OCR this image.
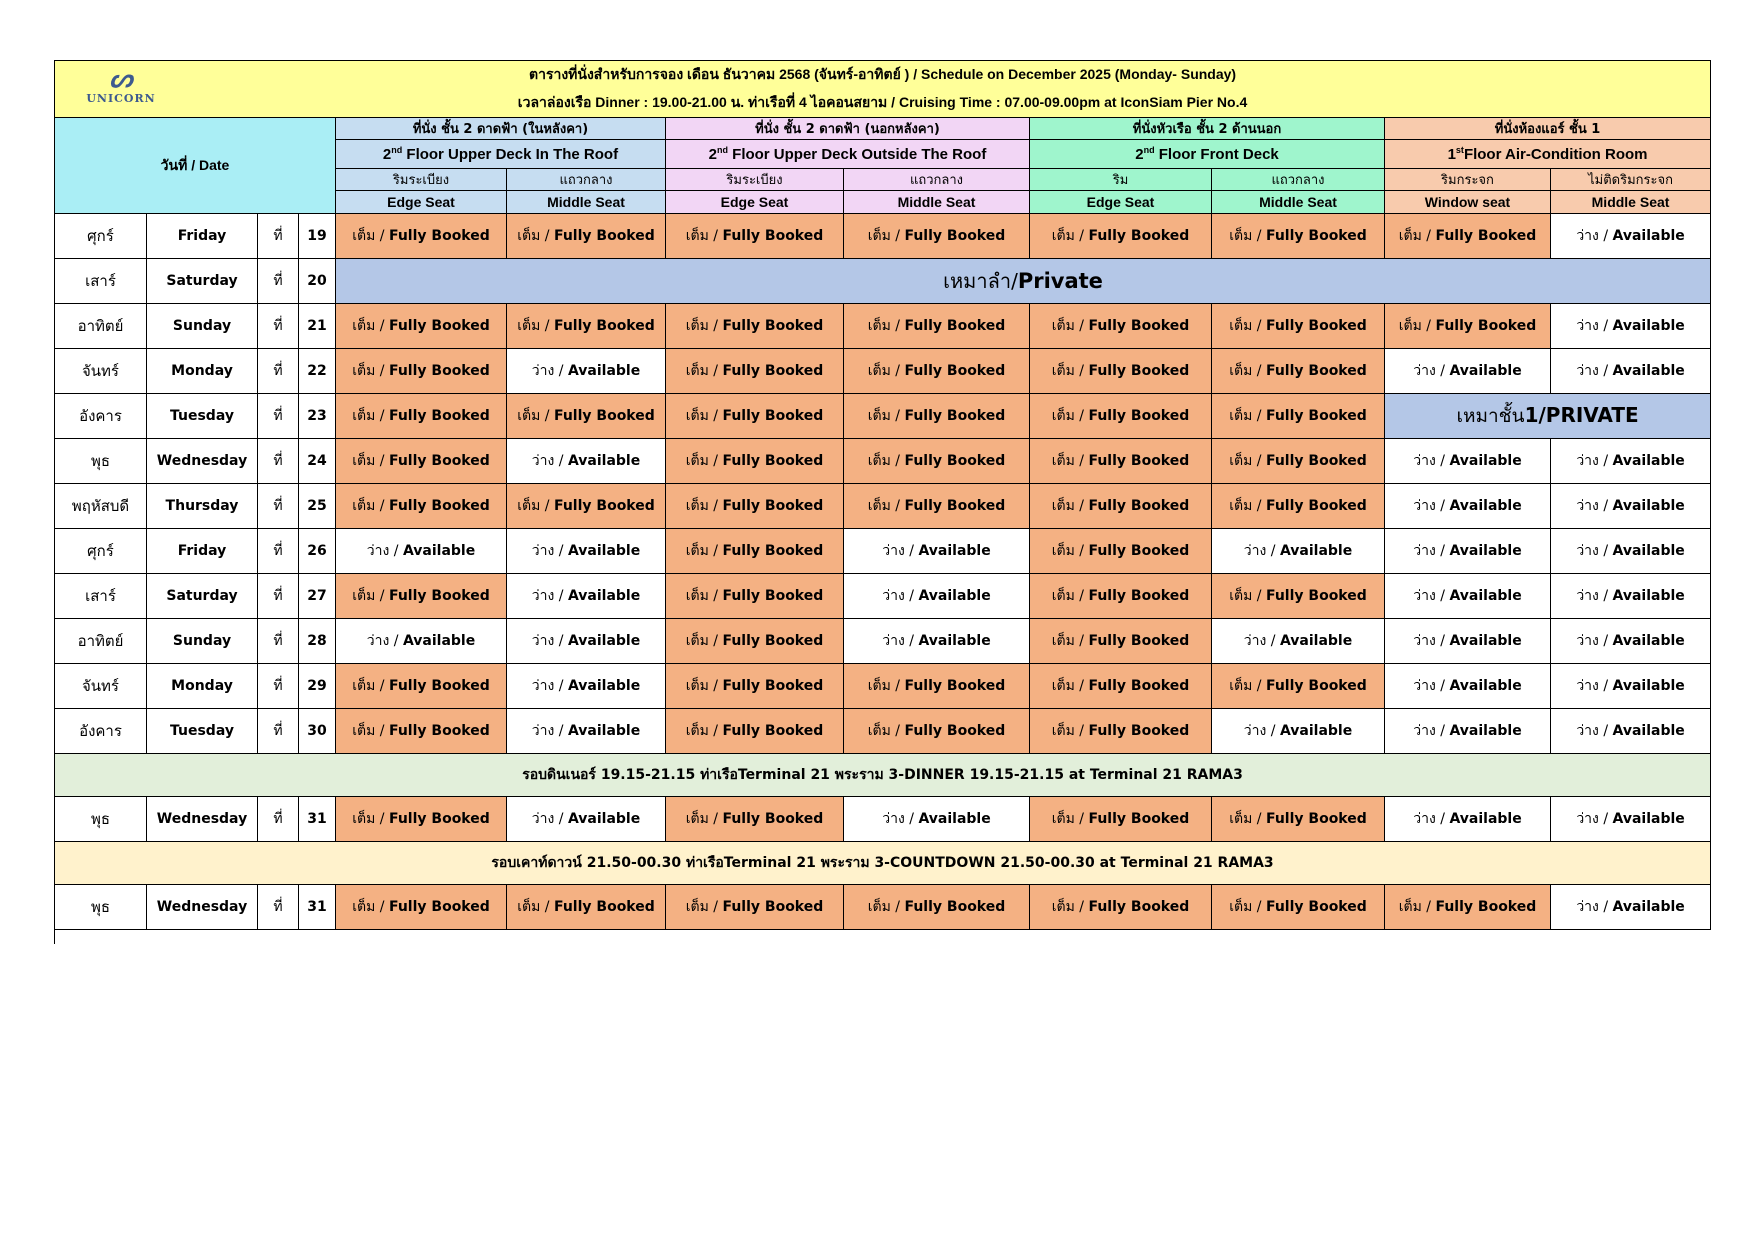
ตารางที่นั่งสำหรับการจอง เดือน ธันวาคม 2568 (จันทร์-อาทิตย์ ) / Schedule on December 2025 (Monday- Sunday)											

ᔕ
UNICORN เวลาล่องเรือ Dinner : 19.00-21.00 น. ท่าเรือที่ 4 ไอคอนสยาม / Cruising Time : 07.00-09.00pm at IconSiam Pier No.4											
วันที่ / Date				ที่นั่ง ชั้น 2 ดาดฟ้า (ในหลังคา)		ที่นั่ง ชั้น 2 ดาดฟ้า (นอกหลังคา)		ที่นั่งหัวเรือ ชั้น 2 ด้านนอก		ที่นั่งห้องแอร์ ชั้น 1	
				2nd Floor Upper Deck In The Roof		2nd Floor Upper Deck Outside The Roof		2nd Floor Front Deck		1stFloor Air-Condition Room	
				ริมระเบียง	แถวกลาง	ริมระเบียง	แถวกลาง	ริม	แถวกลาง	ริมกระจก	ไม่ติดริมกระจก
				Edge Seat	Middle Seat	Edge Seat	Middle Seat	Edge Seat	Middle Seat	Window seat	Middle Seat
ศุกร์	Friday	ที่	19	เต็ม / Fully Booked	เต็ม / Fully Booked	เต็ม / Fully Booked	เต็ม / Fully Booked	เต็ม / Fully Booked	เต็ม / Fully Booked	เต็ม / Fully Booked	ว่าง / Available
เสาร์	Saturday	ที่	20	เหมาลำ/Private							
อาทิตย์	Sunday	ที่	21	เต็ม / Fully Booked	เต็ม / Fully Booked	เต็ม / Fully Booked	เต็ม / Fully Booked	เต็ม / Fully Booked	เต็ม / Fully Booked	เต็ม / Fully Booked	ว่าง / Available
จันทร์	Monday	ที่	22	เต็ม / Fully Booked	ว่าง / Available	เต็ม / Fully Booked	เต็ม / Fully Booked	เต็ม / Fully Booked	เต็ม / Fully Booked	ว่าง / Available	ว่าง / Available
อังคาร	Tuesday	ที่	23	เต็ม / Fully Booked	เต็ม / Fully Booked	เต็ม / Fully Booked	เต็ม / Fully Booked	เต็ม / Fully Booked	เต็ม / Fully Booked	เหมาชั้น1/PRIVATE	
พุธ	Wednesday	ที่	24	เต็ม / Fully Booked	ว่าง / Available	เต็ม / Fully Booked	เต็ม / Fully Booked	เต็ม / Fully Booked	เต็ม / Fully Booked	ว่าง / Available	ว่าง / Available
พฤหัสบดี	Thursday	ที่	25	เต็ม / Fully Booked	เต็ม / Fully Booked	เต็ม / Fully Booked	เต็ม / Fully Booked	เต็ม / Fully Booked	เต็ม / Fully Booked	ว่าง / Available	ว่าง / Available
ศุกร์	Friday	ที่	26	ว่าง / Available	ว่าง / Available	เต็ม / Fully Booked	ว่าง / Available	เต็ม / Fully Booked	ว่าง / Available	ว่าง / Available	ว่าง / Available
เสาร์	Saturday	ที่	27	เต็ม / Fully Booked	ว่าง / Available	เต็ม / Fully Booked	ว่าง / Available	เต็ม / Fully Booked	เต็ม / Fully Booked	ว่าง / Available	ว่าง / Available
อาทิตย์	Sunday	ที่	28	ว่าง / Available	ว่าง / Available	เต็ม / Fully Booked	ว่าง / Available	เต็ม / Fully Booked	ว่าง / Available	ว่าง / Available	ว่าง / Available
จันทร์	Monday	ที่	29	เต็ม / Fully Booked	ว่าง / Available	เต็ม / Fully Booked	เต็ม / Fully Booked	เต็ม / Fully Booked	เต็ม / Fully Booked	ว่าง / Available	ว่าง / Available
อังคาร	Tuesday	ที่	30	เต็ม / Fully Booked	ว่าง / Available	เต็ม / Fully Booked	เต็ม / Fully Booked	เต็ม / Fully Booked	ว่าง / Available	ว่าง / Available	ว่าง / Available
รอบดินเนอร์ 19.15-21.15 ท่าเรือTerminal 21 พระราม 3-DINNER 19.15-21.15 at Terminal 21 RAMA3											
พุธ	Wednesday	ที่	31	เต็ม / Fully Booked	ว่าง / Available	เต็ม / Fully Booked	ว่าง / Available	เต็ม / Fully Booked	เต็ม / Fully Booked	ว่าง / Available	ว่าง / Available
รอบเคาท์ดาวน์ 21.50-00.30 ท่าเรือTerminal 21 พระราม 3-COUNTDOWN 21.50-00.30 at Terminal 21 RAMA3											
พุธ	Wednesday	ที่	31	เต็ม / Fully Booked	เต็ม / Fully Booked	เต็ม / Fully Booked	เต็ม / Fully Booked	เต็ม / Fully Booked	เต็ม / Fully Booked	เต็ม / Fully Booked	ว่าง / Available
